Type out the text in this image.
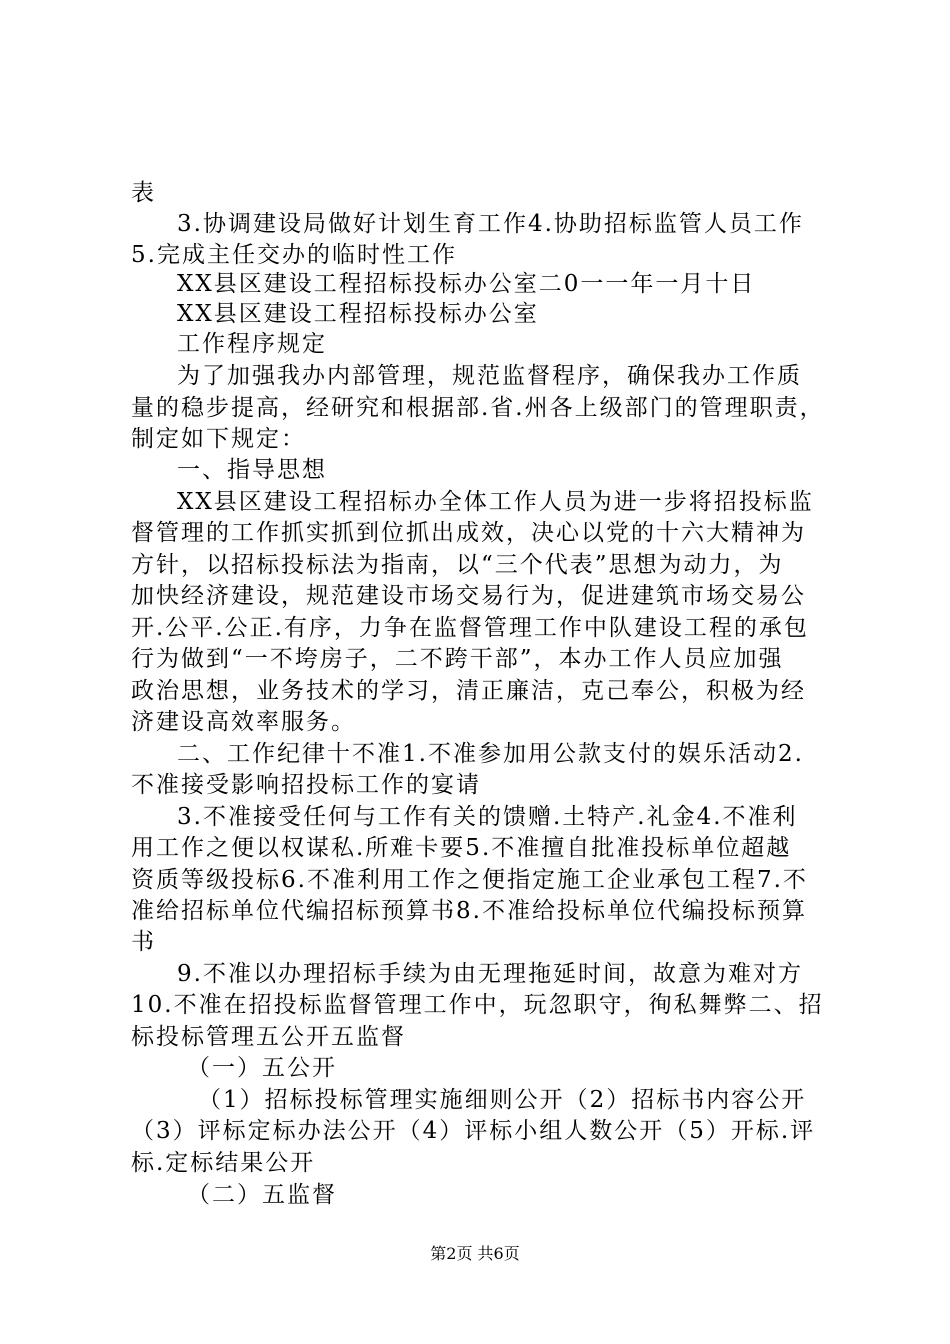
表
3.协调建设局做好计划生育工作4.协助招标监管人员工作
5.完成主任交办的临时性工作
XX县区建设工程招标投标办公室二0一一年一月十日
XX县区建设工程招标投标办公室
工作程序规定
为了加强我办内部管理，规范监督程序，确保我办工作质
量的稳步提高，经研究和根据部.省.州各上级部门的管理职责，
制定如下规定：
一、指导思想
XX县区建设工程招标办全体工作人员为进一步将招投标监
督管理的工作抓实抓到位抓出成效，决心以党的十六大精神为
方针，以招标投标法为指南，以“三个代表”思想为动力，为
加快经济建设，规范建设市场交易行为，促进建筑市场交易公
开.公平.公正.有序，力争在监督管理工作中队建设工程的承包
行为做到“一不垮房子，二不跨干部”，本办工作人员应加强
政治思想，业务技术的学习，清正廉洁，克己奉公，积极为经
济建设高效率服务。
二、工作纪律十不准1.不准参加用公款支付的娱乐活动2.
不准接受影响招投标工作的宴请
3.不准接受任何与工作有关的馈赠.土特产.礼金4.不准利
用工作之便以权谋私.所难卡要5.不准擅自批准投标单位超越
资质等级投标6.不准利用工作之便指定施工企业承包工程7.不
准给招标单位代编招标预算书8.不准给投标单位代编投标预算
书
9.不准以办理招标手续为由无理拖延时间，故意为难对方
10.不准在招投标监督管理工作中，玩忽职守，徇私舞弊二、招
标投标管理五公开五监督
（一）五公开
（1）招标投标管理实施细则公开（2）招标书内容公开
（3）评标定标办法公开（4）评标小组人数公开（5）开标.评
标.定标结果公开
（二）五监督
第2页 共6页
